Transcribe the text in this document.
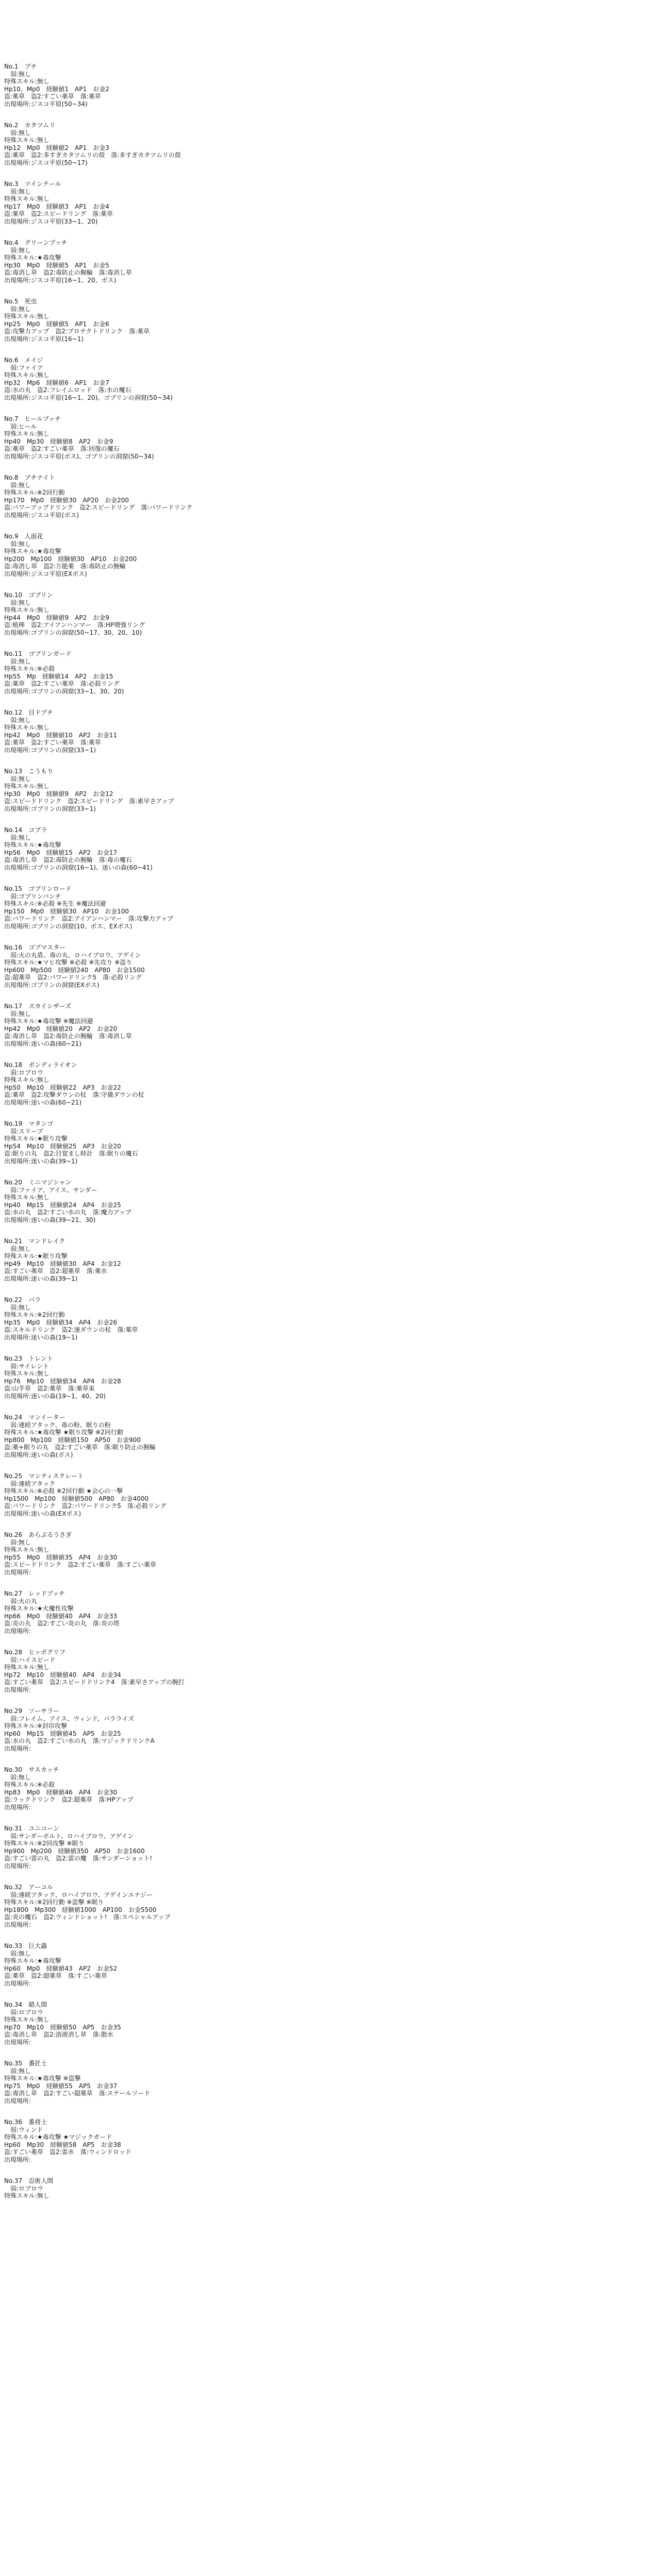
No.1　ブチ
弱:無し
特殊スキル:無し
Hp10、Mp0　経験値1　AP1　お金2
盗:薬草　盗2:すごい薬草　落:薬草
出現場所:ジスコ平原(50~34)
No.2　カタツムリ
弱:無し
特殊スキル:無し
Hp12　Mp0　経験値2　AP1　お金3
盗:薬草　盗2:多すぎカタツムリの殻　落:多すぎカタツムリの殻
出現場所:ジスコ平原(50~17)
No.3　ツインテール
弱:無し
特殊スキル:無し
Hp17　Mp0　経験値3　AP1　お金4
盗:薬草　盗2:スピードリング　落:薬草
出現場所:ジスコ平原(33~1、20)
No.4　グリーンブッチ
弱:無し
特殊スキル:★毒攻撃
Hp30　Mp0　経験値5　AP1　お金5
盗:毒消し草　盗2:毒防止の腕輪　落:毒消し草
出現場所:ジスコ平原(16~1、20、ボス)
No.5　死虫
弱:無し
特殊スキル:無し
Hp25　Mp0　経験値5　AP1　お金6
盗:攻撃力アップ　盗2:プロテクトドリンク　落:薬草
出現場所:ジスコ平原(16~1)
No.6　メイジ
弱:ファイア
特殊スキル:無し
Hp32　Mp6　経験値6　AP1　お金7
盗:水の丸　盗2:フレイムロッド　落:水の魔石
出現場所:ジスコ平原(16~1、20)、ゴブリンの洞窟(50~34)
No.7　ヒールブッチ
弱:ヒール
特殊スキル:無し
Hp40　Mp30　経験値8　AP2　お金9
盗:薬草　盗2:すごい薬草　落:回復の魔石
出現場所:ジスコ平原(ボス)、ゴブリンの洞窟(50~34)
No.8　ブチナイト
弱:無し
特殊スキル:※2回行動
Hp170　Mp0　経験値30　AP20　お金200
盗:パワーアップドリンク　盗2:スピードリング　落:パワードリンク
出現場所:ジスコ平原(ボス)
No.9　人面花
弱:無し
特殊スキル:★毒攻撃
Hp200　Mp100　経験値30　AP10　お金200
盗:毒消し草　盗2:万能薬　落:毒防止の腕輪
出現場所:ジスコ平原(EXボス)
No.10　ゴブリン
弱:無し
特殊スキル:無し
Hp44　Mp0　経験値9　AP2　お金9
盗:植棒　盗2:アイアンハンマー　落:HP増強リング
出現場所:ゴブリンの洞窟(50~17、30、20、10)
No.11　ゴブリンガード
弱:無し
特殊スキル:※必殺
Hp55　Mp　経験値14　AP2　お金15
盗:薬草　盗2:すごい薬草　落:必殺リング
出現場所:ゴブリンの洞窟(33~1、30、20)
No.12　目ドブチ
弱:無し
特殊スキル:無し
Hp42　Mp0　経験値10　AP2　お金11
盗:薬草　盗2:すごい薬草　落:薬草
出現場所:ゴブリンの洞窟(33~1)
No.13　こうもり
弱:無し
特殊スキル:無し
Hp30　Mp0　経験値9　AP2　お金12
盗:スピードドリンク　盗2:スピードリング　落:素早さアップ
出現場所:ゴブリンの洞窟(33~1)
No.14　コブラ
弱:無し
特殊スキル:★毒攻撃
Hp56　Mp0　経験値15　AP2　お金17
盗:毒消し草　盗2:毒防止の腕輪　落:毒の魔石
出現場所:ゴブリンの洞窟(16~1)、迷いの森(60~41)
No.15　ゴブリンロード
弱:ゴブリンバンチ
特殊スキル:※必殺 ※先生 ※魔法回避
Hp150　Mp0　経験値30　AP10　お金100
盗:パワードリンク　盗2:アイアンハンマー　落:攻撃力アップ
出現場所:ゴブリンの洞窟(10、ボス、EXボス)
No.16　ゴブマスター
弱:火の丸盾、毒の丸、ロハイブロウ、アゲイン
特殊スキル:★マヒ攻撃 ※必殺 ※先攻り ※盗り
Hp600　Mp500　経験値240　AP80　お金1500
盗:超薬草　盗2:パワードリンク5　落:必殺リング
出現場所:ゴブリンの洞窟(EXボス)
No.17　スカイシザーズ
弱:無し
特殊スキル:★毒攻撃 ※魔法回避
Hp42　Mp0　経験値20　AP2　お金20
盗:毒消し草　盗2:毒防止の腕輪　落:毒消し草
出現場所:迷いの森(60~21)
No.18　ポンディライオン
弱:ロブロウ
特殊スキル:無し
Hp50　Mp10　経験値22　AP3　お金22
盗:薬草　盗2:攻撃ダウンの杖　落:守備ダウンの杖
出現場所:迷いの森(60~21)
No.19　マタンゴ
弱:スリープ
特殊スキル:★眠り攻撃
Hp54　Mp10　経験値25　AP3　お金20
盗:眠りの丸　盗2:目覚まし時計　落:眠りの魔石
出現場所:迷いの森(39~1)
No.20　ミニマジシャン
弱:ファイア、アイス、サンダー
特殊スキル:無し
Hp40　Mp15　経験値24　AP4　お金25
盗:水の丸　盗2:すごい水の丸　落:魔力アップ
出現場所:迷いの森(39~21、30)
No.21　マンドレイク
弱:無し
特殊スキル:★眠り攻撃
Hp49　Mp10　経験値30　AP4　お金12
盗:すごい薬草　盗2:超薬草　落:薬水
出現場所:迷いの森(39~1)
No.22　バラ
弱:無し
特殊スキル:※2回行動
Hp35　Mp0　経験値34　AP4　お金26
盗:スキルドリンク　盗2:速ダウンの杖　落:薬草
出現場所:迷いの森(19~1)
No.23　トレント
弱:サイレント
特殊スキル:無し
Hp76　Mp10　経験値34　AP4　お金28
盗:山芋草　盗2:薬草　落:薬草束
出現場所:迷いの森(19~1、40、20)
No.24　マンイーター
弱:連続アタック、毒の粉、眠りの粉
特殊スキル:★毒攻撃 ★眠り攻撃 ※2回行動
Hp800　Mp100　経験値150　AP50　お金900
盗:薬+眠りの丸　盗2:すごい薬草　落:眠り防止の腕輪
出現場所:迷いの森(ボス)
No.25　マンティスクレート
弱:連続アタック
特殊スキル:※必殺 ※2回行動 ★会心の一撃
Hp1500　Mp100　経験値500　AP80　お金4000
盗:パワードリンク　盗2:パワードリンク5　落:必殺リング
出現場所:迷いの森(EXボス)
No.26　あらぶるうさぎ
弱:無し
特殊スキル:無し
Hp55　Mp0　経験値35　AP4　お金30
盗:スピードドリンク　盗2:すごい薬草　落:すごい薬草
出現場所:
No.27　レッドブッチ
弱:火の丸
特殊スキル:★火魔性攻撃
Hp66　Mp0　経験値40　AP4　お金33
盗:炎の丸　盗2:すごい炎の丸　落:炎の塔
出現場所:
No.28　ヒッポグリフ
弱:ハイスピード
特殊スキル:無し
Hp72　Mp10　経験値40　AP4　お金34
盗:すごい薬草　盗2:スピードドリンク4　落:素早さアップの腕打
出現場所:
No.29　ソーサラー
弱:フレイム、アイス、ウィンド、バラライズ
特殊スキル:※封印攻撃
Hp60　Mp15　経験値45　AP5　お金25
盗:水の丸　盗2:すごい水の丸　落:マジックドリンクA
出現場所:
No.30　サスカッチ
弱:無し
特殊スキル:※必殺
Hp83　Mp0　経験値46　AP4　お金30
盗:ラックドリンク　盗2:超薬草　落:HPアップ
出現場所:
No.31　ユニコーン
弱:サンダーボルト、ロハイブロウ、アゲイン
特殊スキル:※2回攻撃 ※眠り
Hp900　Mp200　経験値350　AP50　お金1600
盗:すごい雷の丸　盗2:雷の魔　落:サンダーショット!
出現場所:
No.32　アーコル
弱:連続アタック、ロハイブロウ、アゲインエナジー
特殊スキル:※2回行動 ※盗撃 ※眠り
Hp1800　Mp300　経験値1000　AP100　お金5500
盗:炎の魔石　盗2:ウィンドショット!　落:スペシャルアップ
出現場所:
No.33　巨大蟲
弱:無し
特殊スキル:★毒攻撃
Hp60　Mp0　経験値43　AP2　お金52
盗:薬草　盗2:超薬草　落:すごい薬草
出現場所:
No.34　錯人間
弱:ロブロウ
特殊スキル:無し
Hp70　Mp10　経験値50　AP5　お金35
盗:毒消し草　盗2:溶液消し草　落:散水
出現場所:
No.35　番匠士
弱:無し
特殊スキル:★毒攻撃 ※盗撃
Hp75　Mp0　経験値55　AP5　お金37
盗:毒消し草　盗2:すごい超薬草　落:ステールソード
出現場所:
No.36　番将士
弱:ウィンド
特殊スキル:★毒攻撃 ★マジックガード
Hp60　Mp30　経験値58　AP5　お金38
盗:すごい薬草　盗2:雷水　落:ウィンドロッド
出現場所:
No.37　忍術人間
弱:ロブロウ
特殊スキル:無し
